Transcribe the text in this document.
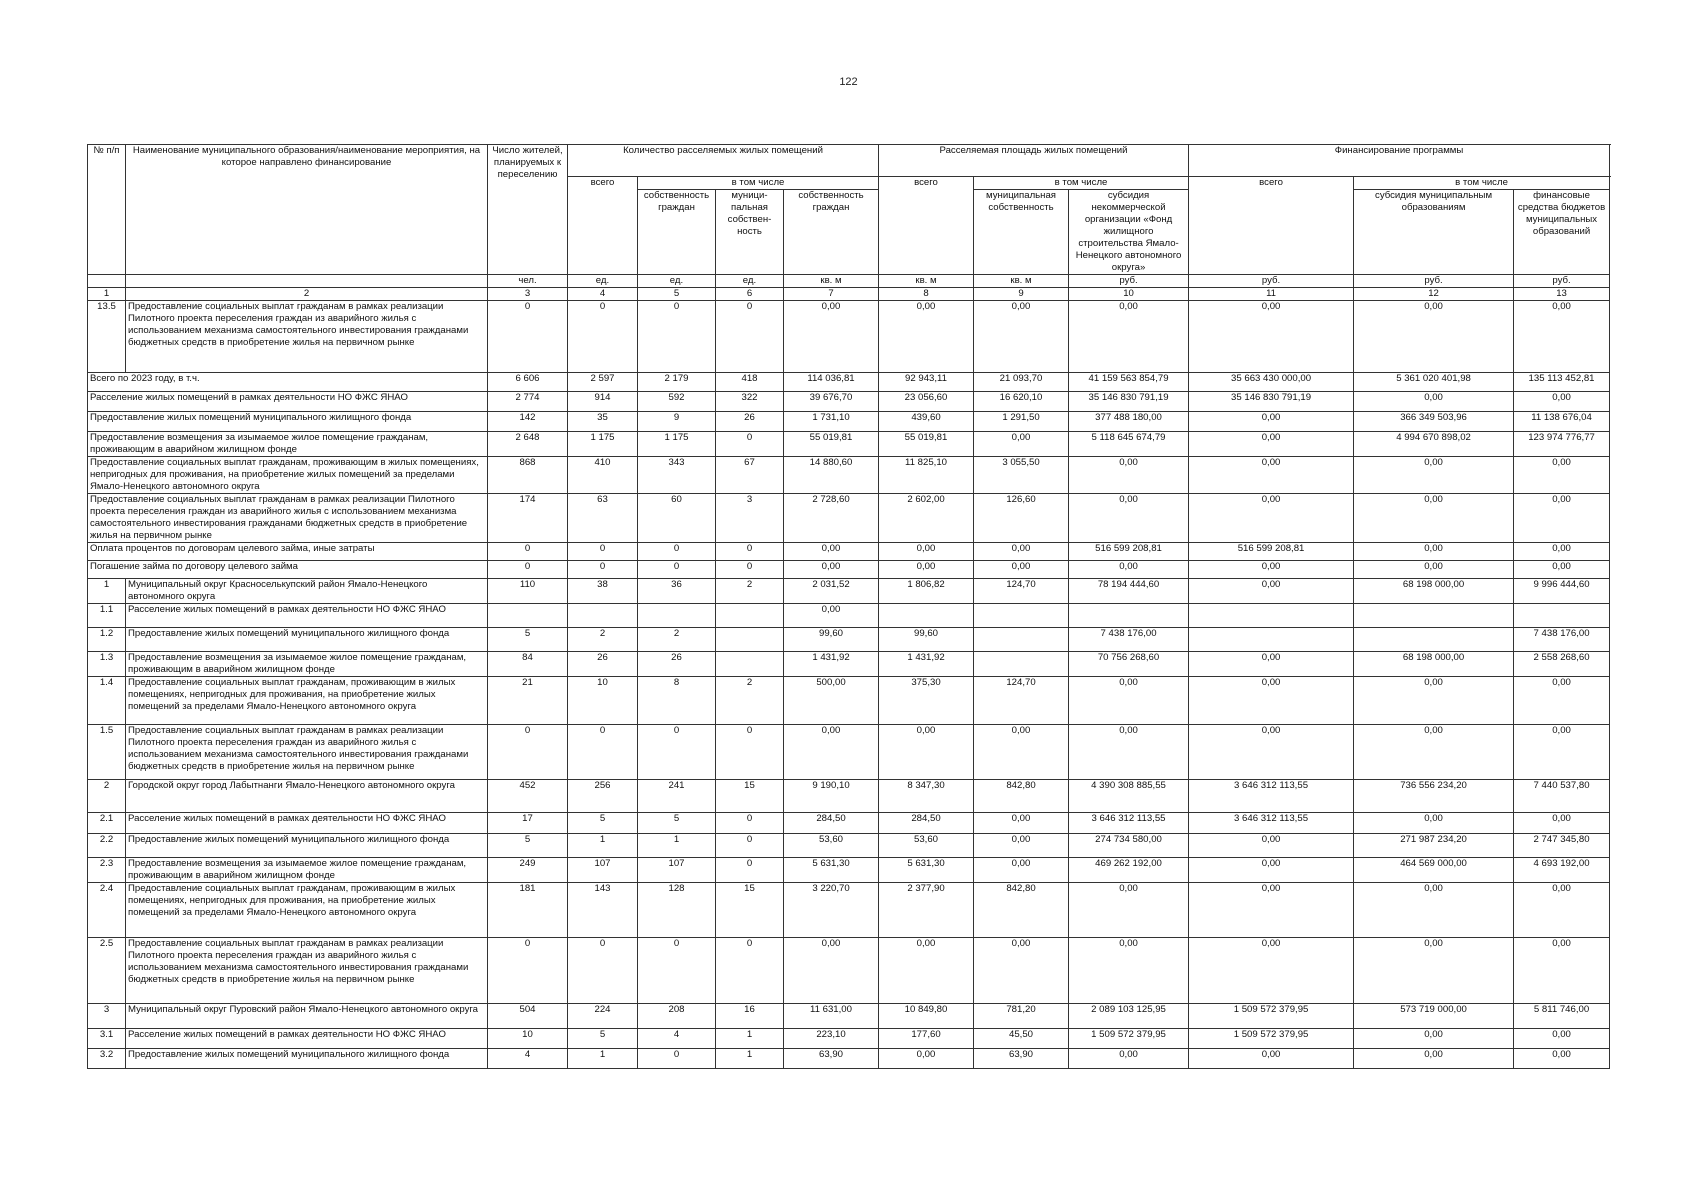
122
№ п/п	Наименование муниципального образования/наименование мероприятия, на которое направлено финансирование	Число жителей, планируемых к переселению	Количество расселяемых жилых помещений				Расселяемая площадь жилых помещений			Финансирование программы		
			всего	в том числе			всего	в том числе		всего	в том числе	
				собственность граждан	муници-пальная собствен-ность	собственность граждан		муниципальная собственность	субсидия некоммерческой организации «Фонд жилищного строительства Ямало-Ненецкого автономного округа»		субсидия муниципальным образованиям	финансовые средства бюджетов муниципальных образований
		чел.	ед.	ед.	ед.	кв. м	кв. м	кв. м	руб.	руб.	руб.	руб.
1	2	3	4	5	6	7	8	9	10	11	12	13
13.5	Предоставление социальных выплат гражданам в рамках реализации Пилотного проекта переселения граждан из аварийного жилья с использованием механизма самостоятельного инвестирования гражданами бюджетных средств в приобретение жилья на первичном рынке	0	0	0	0	0,00	0,00	0,00	0,00	0,00	0,00	0,00
Всего по 2023 году, в т.ч.		6 606	2 597	2 179	418	114 036,81	92 943,11	21 093,70	41 159 563 854,79	35 663 430 000,00	5 361 020 401,98	135 113 452,81
Расселение жилых помещений в рамках деятельности НО ФЖС ЯНАО		2 774	914	592	322	39 676,70	23 056,60	16 620,10	35 146 830 791,19	35 146 830 791,19	0,00	0,00
Предоставление жилых помещений муниципального жилищного фонда		142	35	9	26	1 731,10	439,60	1 291,50	377 488 180,00	0,00	366 349 503,96	11 138 676,04
Предоставление возмещения за изымаемое жилое помещение гражданам, проживающим в аварийном жилищном фонде		2 648	1 175	1 175	0	55 019,81	55 019,81	0,00	5 118 645 674,79	0,00	4 994 670 898,02	123 974 776,77
Предоставление социальных выплат гражданам, проживающим в жилых помещениях, непригодных для проживания, на приобретение жилых помещений за пределами Ямало-Ненецкого автономного округа		868	410	343	67	14 880,60	11 825,10	3 055,50	0,00	0,00	0,00	0,00
Предоставление социальных выплат гражданам в рамках реализации Пилотного проекта переселения граждан из аварийного жилья с использованием механизма самостоятельного инвестирования гражданами бюджетных средств в приобретение жилья на первичном рынке		174	63	60	3	2 728,60	2 602,00	126,60	0,00	0,00	0,00	0,00
Оплата процентов по договорам целевого займа, иные затраты		0	0	0	0	0,00	0,00	0,00	516 599 208,81	516 599 208,81	0,00	0,00
Погашение займа по договору целевого займа		0	0	0	0	0,00	0,00	0,00	0,00	0,00	0,00	0,00
1	Муниципальный округ Красноселькупский район Ямало-Ненецкого автономного округа	110	38	36	2	2 031,52	1 806,82	124,70	78 194 444,60	0,00	68 198 000,00	9 996 444,60
1.1	Расселение жилых помещений в рамках деятельности НО ФЖС ЯНАО					0,00						
1.2	Предоставление жилых помещений муниципального жилищного фонда	5	2	2		99,60	99,60		7 438 176,00			7 438 176,00
1.3	Предоставление возмещения за изымаемое жилое помещение гражданам, проживающим в аварийном жилищном фонде	84	26	26		1 431,92	1 431,92		70 756 268,60	0,00	68 198 000,00	2 558 268,60
1.4	Предоставление социальных выплат гражданам, проживающим в жилых помещениях, непригодных для проживания, на приобретение жилых помещений за пределами Ямало-Ненецкого автономного округа	21	10	8	2	500,00	375,30	124,70	0,00	0,00	0,00	0,00
1.5	Предоставление социальных выплат гражданам в рамках реализации Пилотного проекта переселения граждан из аварийного жилья с использованием механизма самостоятельного инвестирования гражданами бюджетных средств в приобретение жилья на первичном рынке	0	0	0	0	0,00	0,00	0,00	0,00	0,00	0,00	0,00
2	Городской округ город Лабытнанги Ямало-Ненецкого автономного округа	452	256	241	15	9 190,10	8 347,30	842,80	4 390 308 885,55	3 646 312 113,55	736 556 234,20	7 440 537,80
2.1	Расселение жилых помещений в рамках деятельности НО ФЖС ЯНАО	17	5	5	0	284,50	284,50	0,00	3 646 312 113,55	3 646 312 113,55	0,00	0,00
2.2	Предоставление жилых помещений муниципального жилищного фонда	5	1	1	0	53,60	53,60	0,00	274 734 580,00	0,00	271 987 234,20	2 747 345,80
2.3	Предоставление возмещения за изымаемое жилое помещение гражданам, проживающим в аварийном жилищном фонде	249	107	107	0	5 631,30	5 631,30	0,00	469 262 192,00	0,00	464 569 000,00	4 693 192,00
2.4	Предоставление социальных выплат гражданам, проживающим в жилых помещениях, непригодных для проживания, на приобретение жилых помещений за пределами Ямало-Ненецкого автономного округа	181	143	128	15	3 220,70	2 377,90	842,80	0,00	0,00	0,00	0,00
2.5	Предоставление социальных выплат гражданам в рамках реализации Пилотного проекта переселения граждан из аварийного жилья с использованием механизма самостоятельного инвестирования гражданами бюджетных средств в приобретение жилья на первичном рынке	0	0	0	0	0,00	0,00	0,00	0,00	0,00	0,00	0,00
3	Муниципальный округ Пуровский район Ямало-Ненецкого автономного округа	504	224	208	16	11 631,00	10 849,80	781,20	2 089 103 125,95	1 509 572 379,95	573 719 000,00	5 811 746,00
3.1	Расселение жилых помещений в рамках деятельности НО ФЖС ЯНАО	10	5	4	1	223,10	177,60	45,50	1 509 572 379,95	1 509 572 379,95	0,00	0,00
3.2	Предоставление жилых помещений муниципального жилищного фонда	4	1	0	1	63,90	0,00	63,90	0,00	0,00	0,00	0,00
